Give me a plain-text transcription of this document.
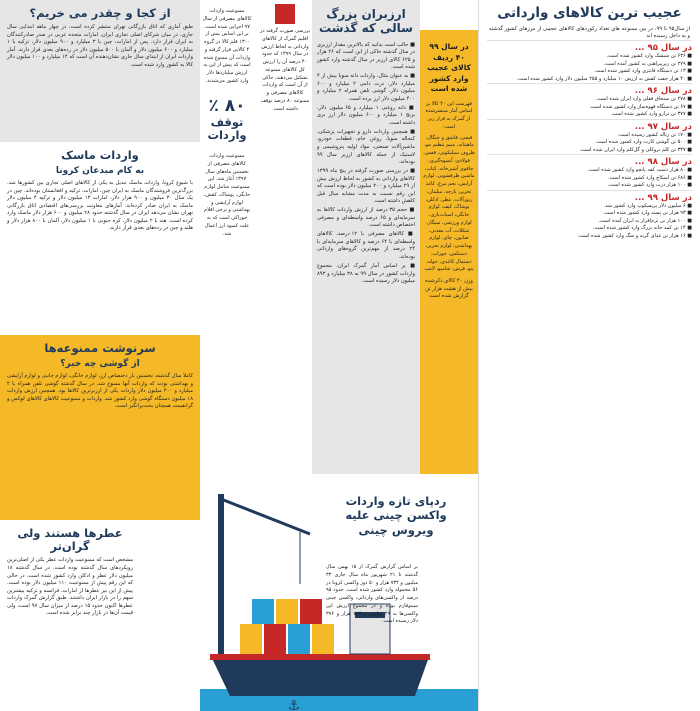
عجیب ترین کالاهای وارداتی
از سال۹۵ تا ۹۹، در بین ممنوعه های تعداد رکوردهای کالاهای عجیبی از مرزهای کشور گذشته و به داخل رسیده اند
در سال ۹۵ ...
■ ۶۳۶ تن شیشک وارد کشور شده است.
■ ۲۷۹ تن زیرپیراهنی به کشور آمده است.
■ ۱۳ تن دستگاه فانتزی وارد کشور شده است.
■ ۴۰ هزار جفت کفش به ارزش ۱۰ میلیارد و ۲۵۵ میلیون دلار وارد کشور شده است.
در سال ۹۶ ...
■ ۲۷۸ تن سنجاق قفلی وارد ایران شده است.
■ ۶۷ تن دستگاه قهوه‌ساز وارد کشور شده است.
■ ۳۷۷ تن ترازو وارد کشور شده است.
در سال ۹۷ ...
■ ۱۷۰ تن زباله کشور رسیده است.
■ ۵۰۰ تن گوشی کارت وارد کشور شده است.
■ ۳۳۷ تن کلم بروکلی و گل‌کلم وارد ایران شده است.
در سال ۹۸ ...
■ ۸۰ هزار دست کفه پانچو وارد کشور شده است.
■ ۶۸۶ تن اسکاچ وارد کشور شده است.
■ ۱۰۰ هزار ذرت وارد کشور شده است.
در سال ۹۹ ...
■ ۶ میلیون دلار پریسکوپ وارد کشور شد.
■ ۹۳ هزار تن پسته وارد کشور شده است.
■ ۱۰۰ هزار تن نرم‌افزار به ایران آمده است.
■ ۱۴ تن کمد خانه بزرگ وارد کشور شده است.
■ ۱۶ هزار تن غذای گربه و سگ وارد کشور شده است.
ارزبران بزرگ سالی که گذشت

■ جالب است بدانید که بالاترین مقدار ارزبری در سال گذشته حاکی از این است که ۲۶ هزار و ۶۲۵ کالای ارزبر در سال گذشته وارد کشور شده است.

■ به عنوان مثال، واردات دانه سویا بیش از ۴ میلیارد دلار، ذرت دامی ۲ میلیارد و ۶۰۰ میلیون دلار، گوشی تلفن همراه ۲ میلیارد و ۴۰۰ میلیون دلار ارز برده است.

■ دانه روغنی ۱ میلیارد و ۶۵ میلیون دلار، برنج ۱ میلیارد و ۶۰۰ میلیون دلار ارز بری داشته است.

■ همچنین واردات دارو و تجهیزات پزشکی، کنجاله سویا، روغن خام، قطعات خودرو، ماشین‌آلات صنعتی، مواد اولیه پتروشیمی و لاستیک از جمله کالاهای ارزبر سال ۹۹ بوده‌اند.

■ در بررسی صورت گرفته در پنج ماه ۱۳۹۹ کالاهای وارداتی به کشور به لحاظ ارزش بیش از ۲۹ میلیارد و ۲۰۰ میلیون دلار بوده است که این رقم نسبت به مدت مشابه سال قبل کاهش داشته است.

■ حجم ۳۵ درصد از ارزش واردات کالاها به سرمایه‌ای و ۶۵ درصد واسطه‌ای و مصرفی اختصاص داشته است.

■ کالاهای مصرفی با ۱۲ درصد، کالاهای واسطه‌ای با ۶۴ درصد و کالاهای سرمایه‌ای با ۲۴ درصد از مهم‌ترین گروه‌های وارداتی بوده‌اند.

■ بر اساس آمار گمرک ایران، مجموع واردات کشور در سال ۹۹ به ۳۸ میلیارد و ۸۹۳ میلیون دلار رسیده است.

در سال ۹۹ ۴۰ ردیف کالای عجیب وارد کشور شده است
فهرست این ۴۰ کالا بر اساس آمار منتشرشده از گمرک به قرار زیر است:
قیچی، قاشق و چنگال، ماهیتابه، سیم تنظیم مو، ظروف سیلیکونی، قفس، فولادی، آبمیوه‌گیری، چاقوی آشپزخانه، کتاب، ماشین ظرفشویی، لوازم آرایش، تخم مرغ، کاغذ تحریر، پارچه، مبلمان، زیورآلات، عطر، ادکلن، پوشاک، کیف، لوازم خانگی، اسباب‌بازی، لوازم ورزشی، سیگار، شکلات، آب معدنی، صابون، چای، لوازم بهداشتی، لوازم تحریر، دستکش، جوراب، دستمال کاغذی، حوله، پتو، فرش، شامپو، لامپ
وزن ۴۰ کالای ذکرشده بیش از هشت هزار تن گزارش شده است
بررسی صورت گرفته در اقلیم گمرک از کالاهای وارداتی به لحاظ ارزش در سال ۱۳۹۹ که حدود ۴۰ درصد آن را ارزش کل کالاهای ممنوعه تشکیل می‌دهند، حاکی از آن است که واردات کالاهای مصرفی و ممنوعه ۸۰ درصد توقف داشته است.
ممنوعیت واردات کالاهای مصرفی از سال ۹۷ اجرایی شده است. بر این اساس بیش از ۱۳۰۰ قلم کالا در گروه ۴ کالایی قرار گرفته و واردات آن ممنوع شده است که پیش از این به ارزش میلیاردها دلار وارد کشور می‌شدند.
۸۰ ٪
توقف واردات
ممنوعیت واردات کالاهای مصرفی از نخستین ماه‌های سال ۱۳۹۷ آغاز شد. این ممنوعیت شامل لوازم خانگی، پوشاک، کفش، لوازم آرایشی و بهداشتی و برخی اقلام خوراکی است که به علت کمبود ارز اعمال شد.
از کجا و چقدر می خریم؟
طبق آماری که اتاق بازرگانی تهران منتشر کرده است، در چهار ماهه ابتدایی سال جاری، در میان شرکای اصلی تجاری ایران، امارات متحده عربی در صدر صادرکنندگان به ایران قرار دارد. پس از امارات، چین با ۳ میلیارد و ۹۰۰ میلیون دلار، ترکیه با ۱ میلیارد و ۶۰۰ میلیون دلار و آلمان با ۵۰۰ میلیون دلار در رده‌های بعدی قرار دارند. آمار واردات ایران از ابتدای سال جاری نشان‌دهنده آن است که ۱۴ میلیارد و ۱۰۰ میلیون دلار کالا به کشور وارد شده است.
واردات ماسک
به کام مبدعان کرونا
با شیوع کرونا، واردات ماسک تبدیل به یکی از کالاهای اصلی تجاری بین کشورها شد. بزرگ‌ترین فروشندگان ماسک به ایران چین، امارات، ترکیه و افغانستان بوده‌اند. چین در یک سال ۳۰ میلیون و ۹۰۰ هزار دلار، امارات ۱۳ میلیون دلار و ترکیه ۴ میلیون دلار ماسک به ایران صادر کرده‌اند. آمارهای معاونت بررسی‌های اقتصادی اتاق بازرگانی تهران نشان می‌دهد ایران در سال گذشته حدود ۲۸ میلیون و ۶۰۰ هزار دلار ماسک وارد کرده است. هند با ۲ میلیون دلار، کره جنوبی با ۱ میلیون دلار، آلمان با ۸۰۰ هزار دلار و هلند و چین در رده‌های بعدی قرار دارند.
سرنوشت ممنوعه‌ها
از گوشی چه خبر؟
کاملا سال گذشته، نخستین بار دختصاص ارز، لوازم خانگی، لوازم جانبی و لوازم آرایشی و بهداشتی بودند که واردات آنها ممنوع شد. در سال گذشته گوشی تلفن همراه با ۲ میلیارد و ۴۰۰ میلیون دلار واردات یکی از ارزبرترین کالاها بود. همچنین ارزش واردات ۱۸ میلیون دستگاه گوشی وارد کشور شد. واردات و ممنوعیت کالاهای کالاهای لوکس و گرانقیمت همچنان بحث‌برانگیز است.
عطرها هستند ولی گران‌تر
مشخص است که ممنوعیت واردات عطر یکی از اصلی‌ترین رویکردهای سال گذشته بوده است. در سال گذشته ۱۸ میلیون دلار عطر و ادکلن وارد کشور شده است. در حالی که این رقم پیش از ممنوعیت ۱۱۰ میلیون دلار بوده است. پیش از این نیز عطرها از امارات، فرانسه و ترکیه بیشترین سهم را در بازار ایران داشتند. طبق گزارش گمرک واردات عطرها اکنون حدود ۱۵ درصد از میزان سال ۹۷ است، ولی قیمت آن‌ها در بازار چند برابر شده است.
⚓
ردپای تازه واردات واکسن چینی علیه ویروس چینی
بر اساس گزارش گمرک از ۱۵ بهمن سال گذشته تا ۲۱ شهریور ماه سال جاری ۳۳ میلیون و ۷۳۴ هزار و ۵۰ دوز واکسن کرونا در ۵۶ محموله وارد کشور شده است. حدود ۹۵ درصد از واکسن‌های وارداتی، واکسن چینی سینوفارم بوده و در مجموع ارزش این واکسن‌ها به ۲۹ میلیون و ۷۷۶ هزار و ۳۹۶ دلار رسیده است.
